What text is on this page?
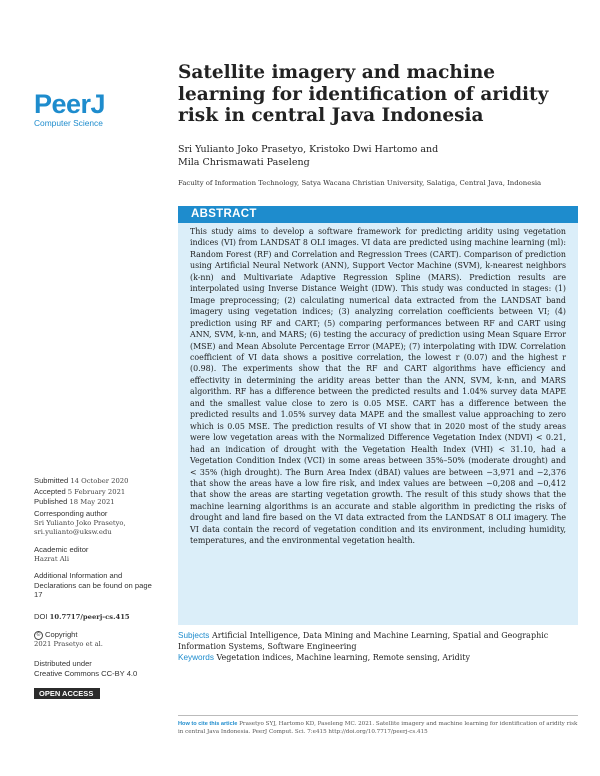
PeerJ
Computer Science
Satellite imagery and machine learning for identification of aridity risk in central Java Indonesia
Sri Yulianto Joko Prasetyo, Kristoko Dwi Hartomo and
Mila Chrismawati Paseleng
Faculty of Information Technology, Satya Wacana Christian University, Salatiga, Central Java, Indonesia
ABSTRACT

This study aims to develop a software framework for predicting aridity using vegetation indices (VI) from LANDSAT 8 OLI images. VI data are predicted using machine learning (ml): Random Forest (RF) and Correlation and Regression Trees (CART). Comparison of prediction using Artificial Neural Network (ANN), Support Vector Machine (SVM), k-nearest neighbors (k-nn) and Multivariate Adaptive Regression Spline (MARS). Prediction results are interpolated using Inverse Distance Weight (IDW). This study was conducted in stages: (1) Image preprocessing; (2) calculating numerical data extracted from the LANDSAT band imagery using vegetation indices; (3) analyzing correlation coefficients between VI; (4) prediction using RF and CART; (5) comparing performances between RF and CART using ANN, SVM, k-nn, and MARS; (6) testing the accuracy of prediction using Mean Square Error (MSE) and Mean Absolute Percentage Error (MAPE); (7) interpolating with IDW. Correlation coefficient of VI data shows a positive correlation, the lowest r (0.07) and the highest r (0.98). The experiments show that the RF and CART algorithms have efficiency and effectivity in determining the aridity areas better than the ANN, SVM, k-nn, and MARS algorithm. RF has a difference between the predicted results and 1.04% survey data MAPE and the smallest value close to zero is 0.05 MSE. CART has a difference between the predicted results and 1.05% survey data MAPE and the smallest value approaching to zero which is 0.05 MSE. The prediction results of VI show that in 2020 most of the study areas were low vegetation areas with the Normalized Difference Vegetation Index (NDVI) < 0.21, had an indication of drought with the Vegetation Health Index (VHI) < 31.10, had a Vegetation Condition Index (VCI) in some areas between 35%–50% (moderate drought) and < 35% (high drought). The Burn Area Index (dBAI) values are between −3,971 and −2,376 that show the areas have a low fire risk, and index values are between −0,208 and −0,412 that show the areas are starting vegetation growth. The result of this study shows that the machine learning algorithms is an accurate and stable algorithm in predicting the risks of drought and land fire based on the VI data extracted from the LANDSAT 8 OLI imagery. The VI data contain the record of vegetation condition and its environment, including humidity, temperatures, and the environmental vegetation health.

Submitted 14 October 2020
Accepted 5 February 2021
Published 18 May 2021
Corresponding author
Sri Yulianto Joko Prasetyo,
sri.yulianto@uksw.edu
Academic editor
Hazrat Ali
Additional Information and Declarations can be found on page 17
DOI 10.7717/peerj-cs.415
© Copyright
2021 Prasetyo et al.
Distributed under
Creative Commons CC-BY 4.0
OPEN ACCESS
Subjects Artificial Intelligence, Data Mining and Machine Learning, Spatial and Geographic Information Systems, Software Engineering
Keywords Vegetation indices, Machine learning, Remote sensing, Aridity
How to cite this article Prasetyo SYJ, Hartomo KD, Paseleng MC. 2021. Satellite imagery and machine learning for identification of aridity risk in central Java Indonesia. PeerJ Comput. Sci. 7:e415 http://doi.org/10.7717/peerj-cs.415
